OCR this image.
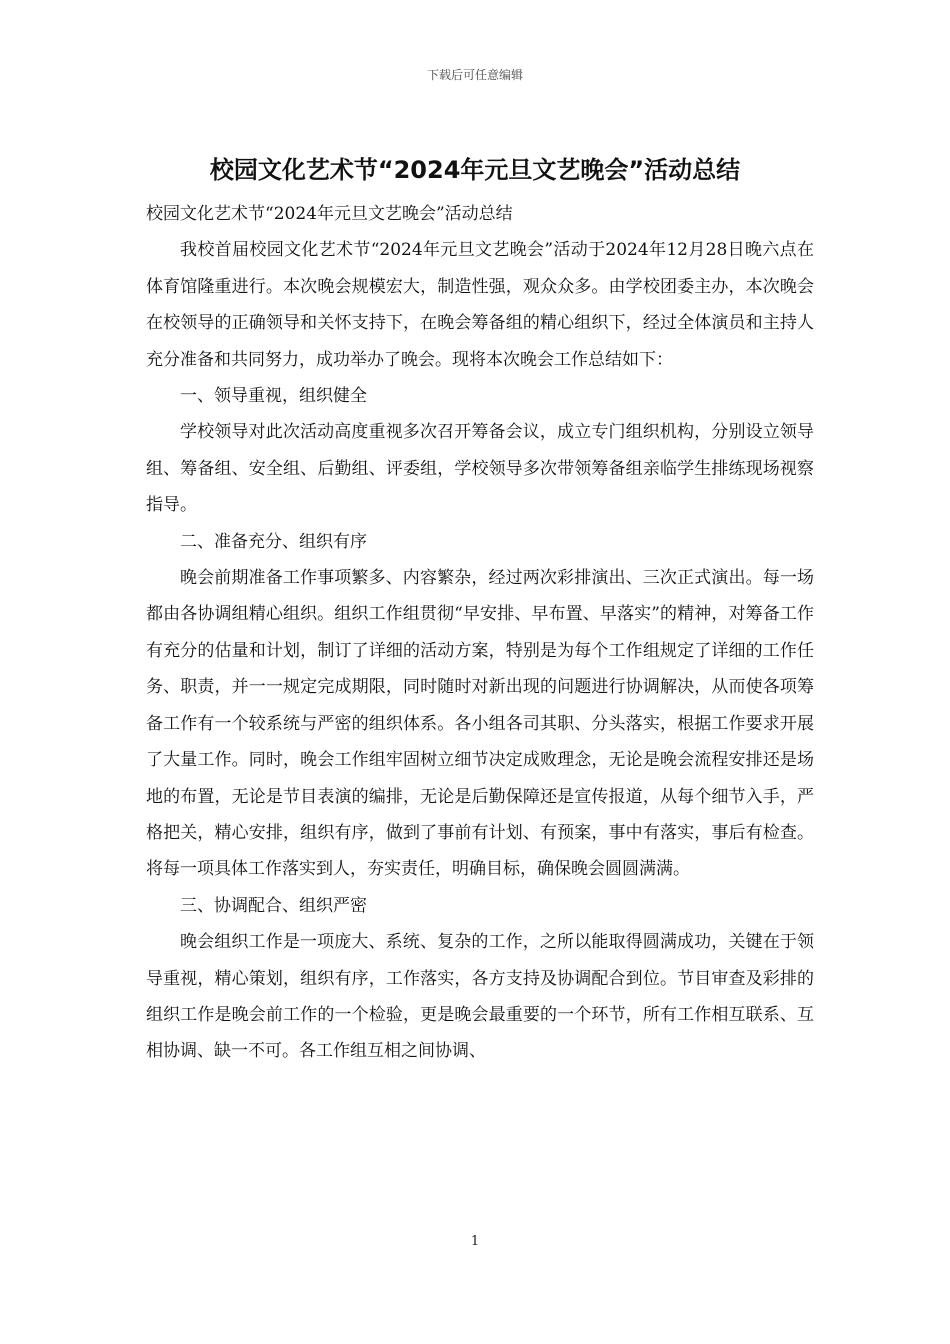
下载后可任意编辑
校园文化艺术节“2024年元旦文艺晚会”活动总结

校园文化艺术节“2024年元旦文艺晚会”活动总结

我校首届校园文化艺术节“2024年元旦文艺晚会”活动于2024年12月28日晚六点在体育馆隆重进行。本次晚会规模宏大，制造性强，观众众多。由学校团委主办，本次晚会在校领导的正确领导和关怀支持下，在晚会筹备组的精心组织下，经过全体演员和主持人充分准备和共同努力，成功举办了晚会。现将本次晚会工作总结如下：

一、领导重视，组织健全

学校领导对此次活动高度重视多次召开筹备会议，成立专门组织机构，分别设立领导组、筹备组、安全组、后勤组、评委组，学校领导多次带领筹备组亲临学生排练现场视察指导。

二、准备充分、组织有序

晚会前期准备工作事项繁多、内容繁杂，经过两次彩排演出、三次正式演出。每一场都由各协调组精心组织。组织工作组贯彻“早安排、早布置、早落实”的精神，对筹备工作有充分的估量和计划，制订了详细的活动方案，特别是为每个工作组规定了详细的工作任务、职责，并一一规定完成期限，同时随时对新出现的问题进行协调解决，从而使各项筹备工作有一个较系统与严密的组织体系。各小组各司其职、分头落实，根据工作要求开展了大量工作。同时，晚会工作组牢固树立细节决定成败理念，无论是晚会流程安排还是场地的布置，无论是节目表演的编排，无论是后勤保障还是宣传报道，从每个细节入手，严格把关，精心安排，组织有序，做到了事前有计划、有预案，事中有落实，事后有检查。将每一项具体工作落实到人，夯实责任，明确目标，确保晚会圆圆满满。

三、协调配合、组织严密

晚会组织工作是一项庞大、系统、复杂的工作，之所以能取得圆满成功，关键在于领导重视，精心策划，组织有序，工作落实，各方支持及协调配合到位。节目审查及彩排的组织工作是晚会前工作的一个检验，更是晚会最重要的一个环节，所有工作相互联系、互相协调、缺一不可。各工作组互相之间协调、

1
